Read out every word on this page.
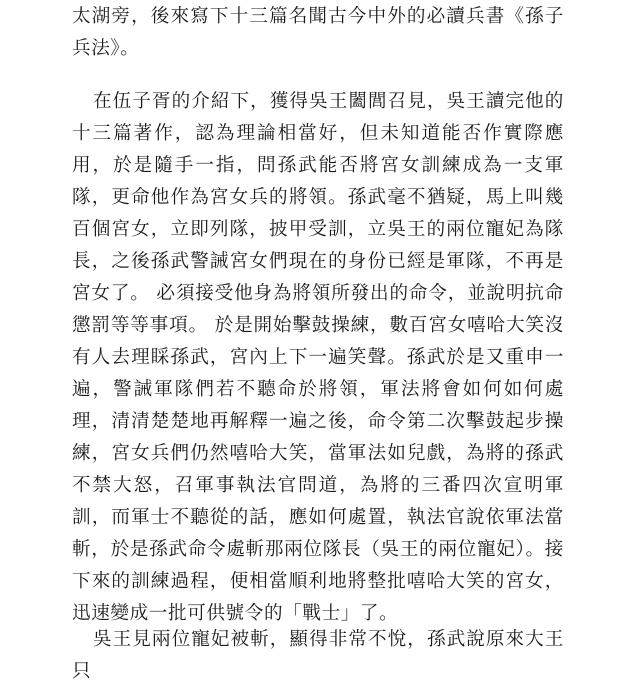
太湖旁，後來寫下十三篇名聞古今中外的必讀兵書《孫子兵法》。

在伍子胥的介紹下，獲得吳王闔閭召見，吳王讀完他的十三篇著作，認為理論相當好，但未知道能否作實際應用，於是隨手一指，問孫武能否將宮女訓練成為一支軍隊，更命他作為宮女兵的將領。孫武毫不猶疑，馬上叫幾百個宮女，立即列隊，披甲受訓，立吳王的兩位寵妃為隊長，之後孫武警誡宮女們現在的身份已經是軍隊，不再是宮女了。 必須接受他身為將領所發出的命令，並說明抗命懲罰等等事項。 於是開始擊鼓操練，數百宮女嘻哈大笑沒有人去理睬孫武，宮內上下一遍笑聲。孫武於是又重申一遍，警誡軍隊們若不聽命於將領，軍法將會如何如何處理，清清楚楚地再解釋一遍之後，命令第二次擊鼓起步操練，宮女兵們仍然嘻哈大笑，當軍法如兒戲，為將的孫武不禁大怒，召軍事執法官問道，為將的三番四次宣明軍訓，而軍士不聽從的話，應如何處置，執法官說依軍法當斬，於是孫武命令處斬那兩位隊長（吳王的兩位寵妃）。接下來的訓練過程，便相當順利地將整批嘻哈大笑的宮女，迅速變成一批可供號令的「戰士」了。

吳王見兩位寵妃被斬，顯得非常不悅，孫武說原來大王只
